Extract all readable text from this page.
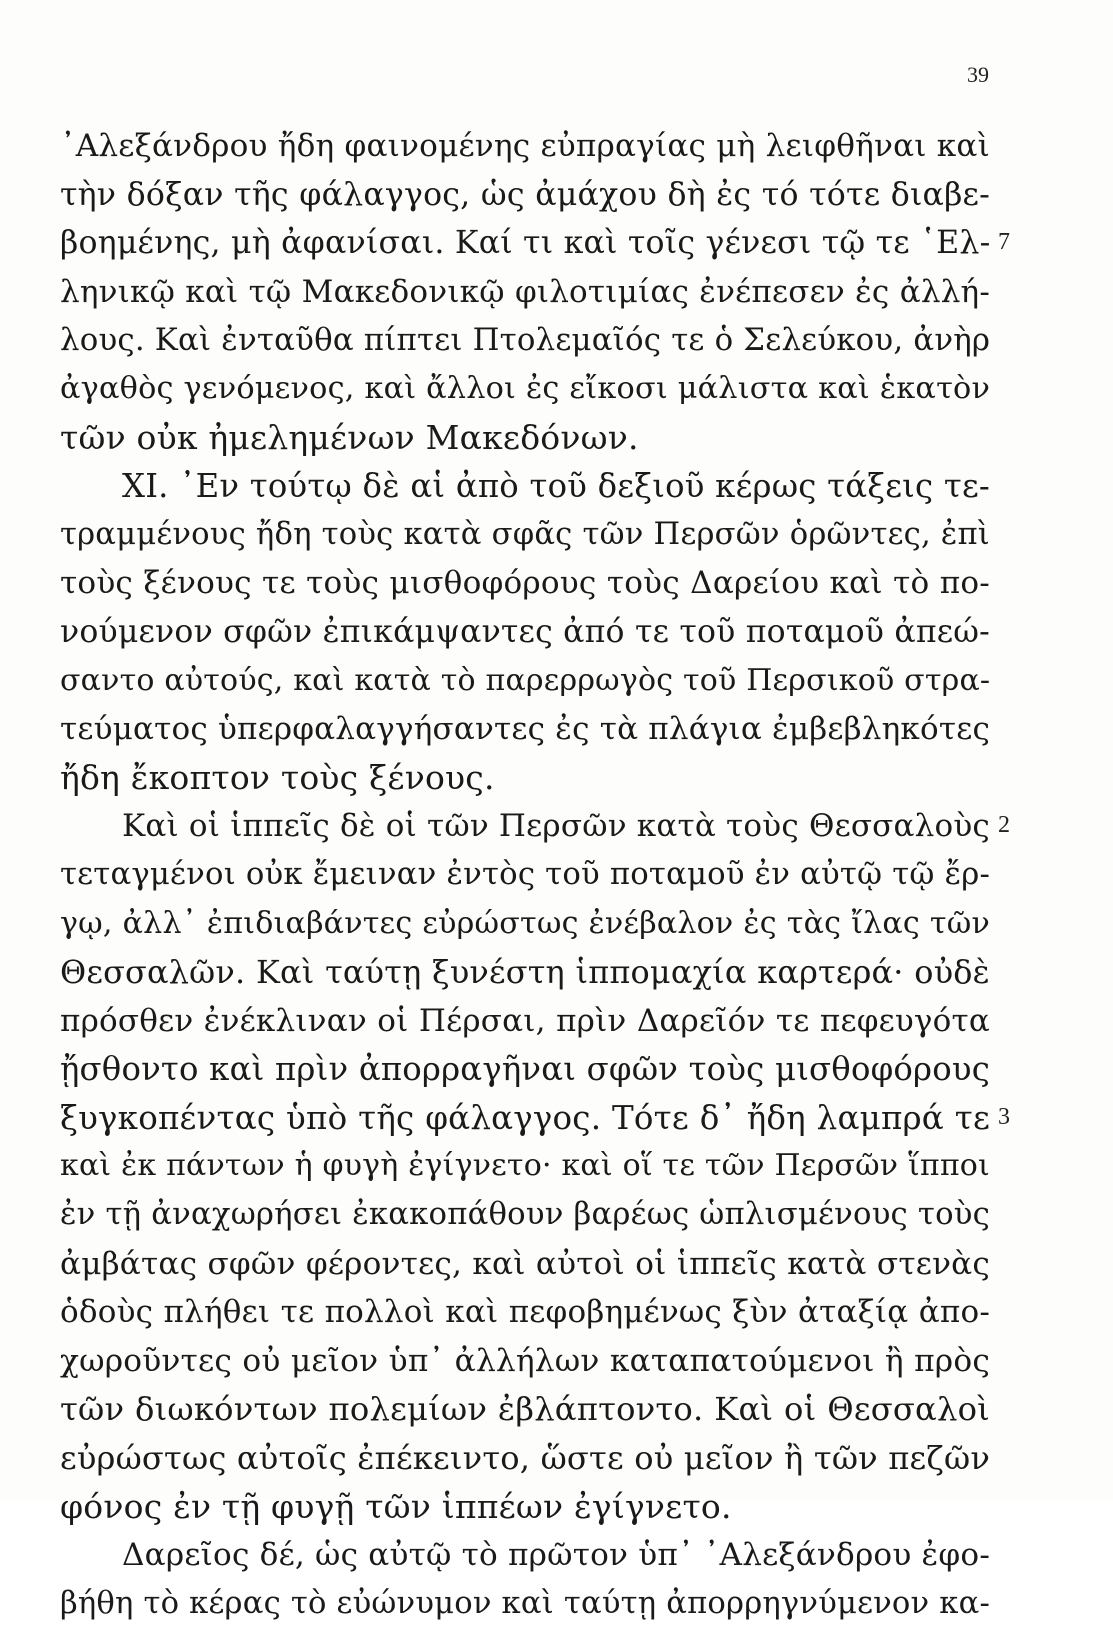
39
᾿Αλεξάνδρου ἤδη φαινομένης εὐπραγίας μὴ λειφθῆναι καὶ
τὴν δόξαν τῆς φάλαγγος, ὡς ἀμάχου δὴ ἐς τό τότε διαβε-
βοημένης, μὴ ἀφανίσαι. Καί τι καὶ τοῖς γένεσι τῷ τε ῾Ελ-
ληνικῷ καὶ τῷ Μακεδονικῷ φιλοτιμίας ἐνέπεσεν ἐς ἀλλή-
λους. Καὶ ἐνταῦθα πίπτει Πτολεμαῖός τε ὁ Σελεύκου, ἀνὴρ
ἀγαθὸς γενόμενος, καὶ ἄλλοι ἐς εἴκοσι μάλιστα καὶ ἑκατὸν
τῶν οὐκ ἠμελημένων Μακεδόνων.
XI. ᾿Εν τούτῳ δὲ αἱ ἀπὸ τοῦ δεξιοῦ κέρως τάξεις τε-
τραμμένους ἤδη τοὺς κατὰ σφᾶς τῶν Περσῶν ὁρῶντες, ἐπὶ
τοὺς ξένους τε τοὺς μισθοφόρους τοὺς Δαρείου καὶ τὸ πο-
νούμενον σφῶν ἐπικάμψαντες ἀπό τε τοῦ ποταμοῦ ἀπεώ-
σαντο αὐτούς, καὶ κατὰ τὸ παρερρωγὸς τοῦ Περσικοῦ στρα-
τεύματος ὑπερφαλαγγήσαντες ἐς τὰ πλάγια ἐμβεβληκότες
ἤδη ἔκοπτον τοὺς ξένους.
Καὶ οἱ ἱππεῖς δὲ οἱ τῶν Περσῶν κατὰ τοὺς Θεσσαλοὺς
τεταγμένοι οὐκ ἔμειναν ἐντὸς τοῦ ποταμοῦ ἐν αὐτῷ τῷ ἔρ-
γῳ, ἀλλ᾽ ἐπιδιαβάντες εὐρώστως ἐνέβαλον ἐς τὰς ἴλας τῶν
Θεσσαλῶν. Καὶ ταύτῃ ξυνέστη ἱππομαχία καρτερά· οὐδὲ
πρόσθεν ἐνέκλιναν οἱ Πέρσαι, πρὶν Δαρεῖόν τε πεφευγότα
ᾔσθοντο καὶ πρὶν ἀπορραγῆναι σφῶν τοὺς μισθοφόρους
ξυγκοπέντας ὑπὸ τῆς φάλαγγος. Τότε δ᾽ ἤδη λαμπρά τε
καὶ ἐκ πάντων ἡ φυγὴ ἐγίγνετο· καὶ οἵ τε τῶν Περσῶν ἵπποι
ἐν τῇ ἀναχωρήσει ἐκακοπάθουν βαρέως ὡπλισμένους τοὺς
ἀμβάτας σφῶν φέροντες, καὶ αὐτοὶ οἱ ἱππεῖς κατὰ στενὰς
ὁδοὺς πλήθει τε πολλοὶ καὶ πεφοβημένως ξὺν ἀταξίᾳ ἀπο-
χωροῦντες οὐ μεῖον ὑπ᾽ ἀλλήλων καταπατούμενοι ἢ πρὸς
τῶν διωκόντων πολεμίων ἐβλάπτοντο. Καὶ οἱ Θεσσαλοὶ
εὐρώστως αὐτοῖς ἐπέκειντο, ὥστε οὐ μεῖον ἢ τῶν πεζῶν
φόνος ἐν τῇ φυγῇ τῶν ἱππέων ἐγίγνετο.
Δαρεῖος δέ, ὡς αὐτῷ τὸ πρῶτον ὑπ᾽ ᾿Αλεξάνδρου ἐφο-
βήθη τὸ κέρας τὸ εὐώνυμον καὶ ταύτῃ ἀπορρηγνύμενον κα-
7
2
3
